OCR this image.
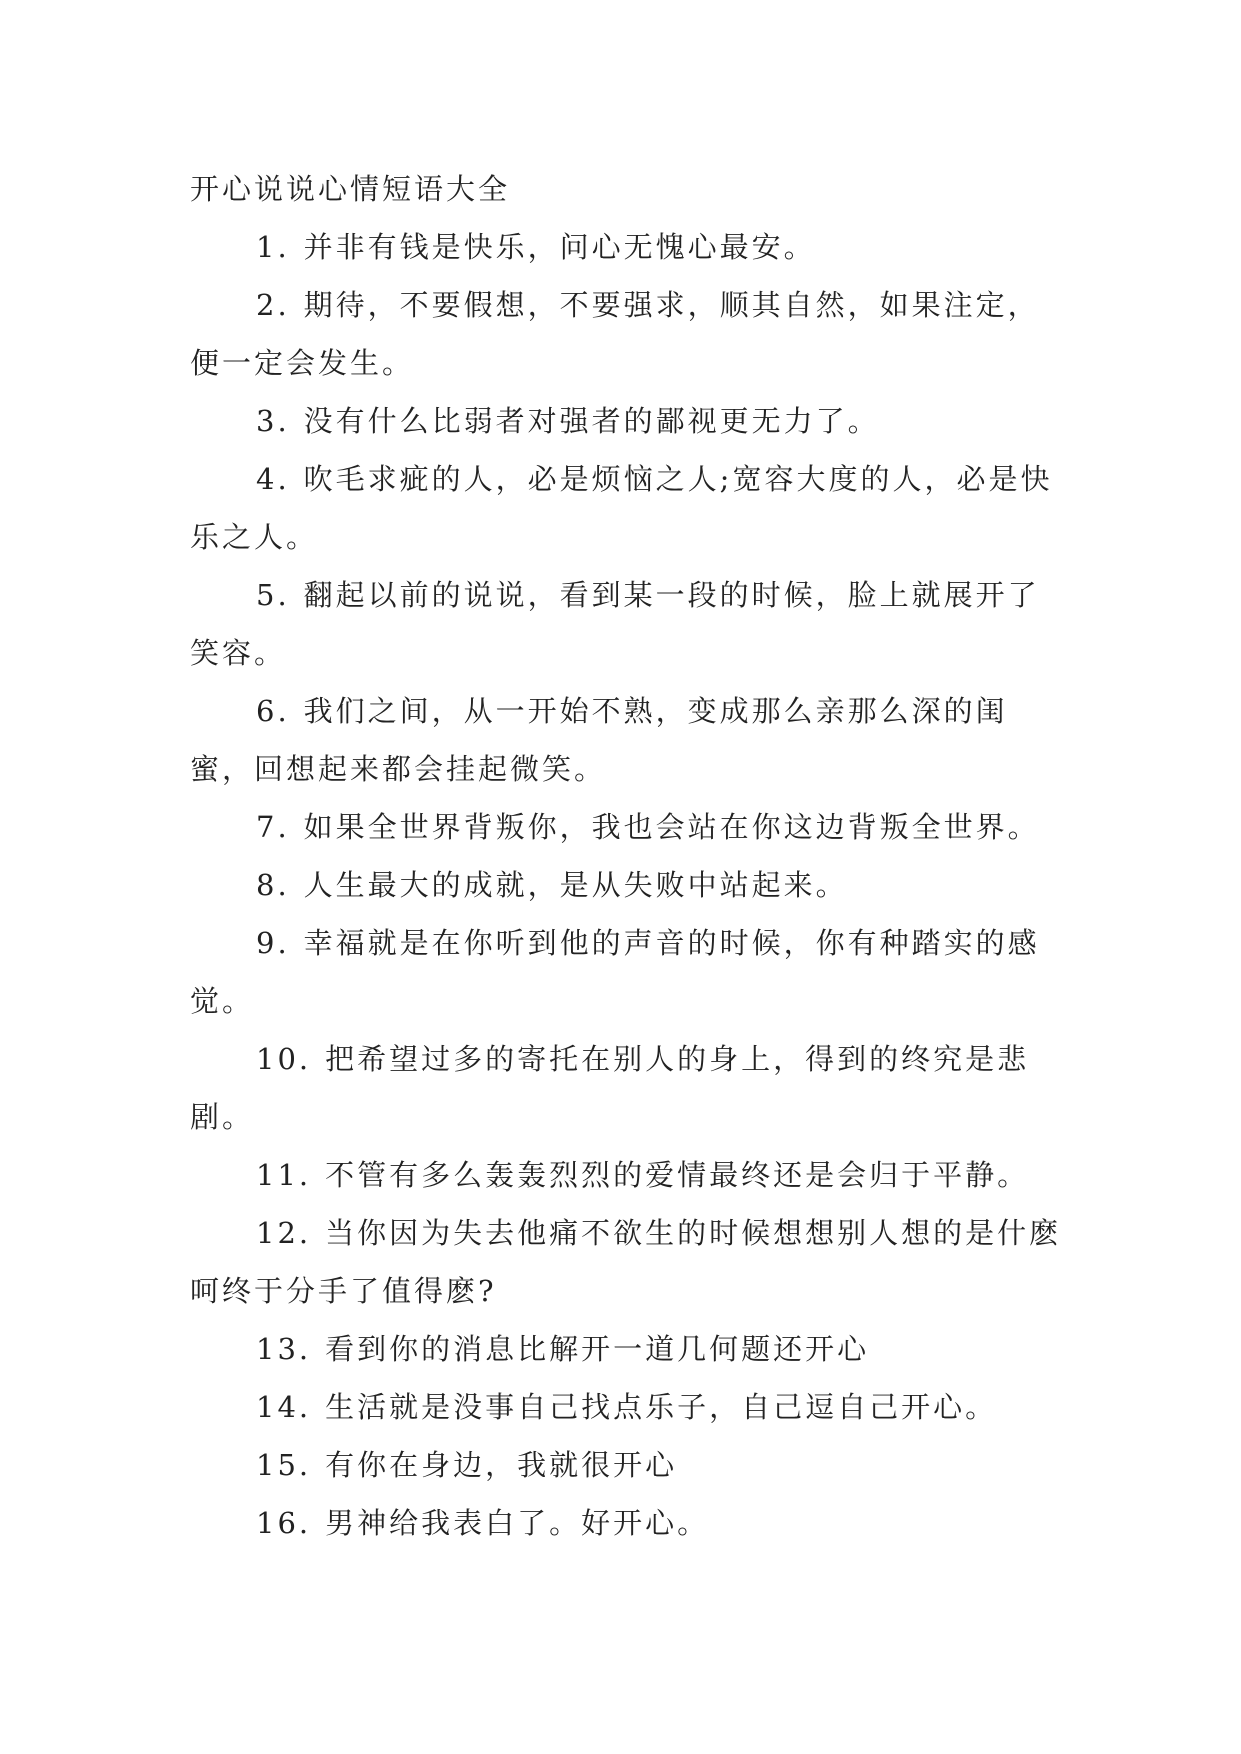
开心说说心情短语大全

1. 并非有钱是快乐，问心无愧心最安。

2. 期待，不要假想，不要强求，顺其自然，如果注定，便一定会发生。

3. 没有什么比弱者对强者的鄙视更无力了。

4. 吹毛求疵的人，必是烦恼之人;宽容大度的人，必是快乐之人。

5. 翻起以前的说说，看到某一段的时候，脸上就展开了笑容。

6. 我们之间，从一开始不熟，变成那么亲那么深的闺蜜，回想起来都会挂起微笑。

7. 如果全世界背叛你，我也会站在你这边背叛全世界。

8. 人生最大的成就，是从失败中站起来。

9. 幸福就是在你听到他的声音的时候，你有种踏实的感觉。

10. 把希望过多的寄托在别人的身上，得到的终究是悲剧。

11. 不管有多么轰轰烈烈的爱情最终还是会归于平静。

12. 当你因为失去他痛不欲生的时候想想别人想的是什麽呵终于分手了值得麽?

13. 看到你的消息比解开一道几何题还开心

14. 生活就是没事自己找点乐子，自己逗自己开心。

15. 有你在身边，我就很开心

16. 男神给我表白了。好开心。
